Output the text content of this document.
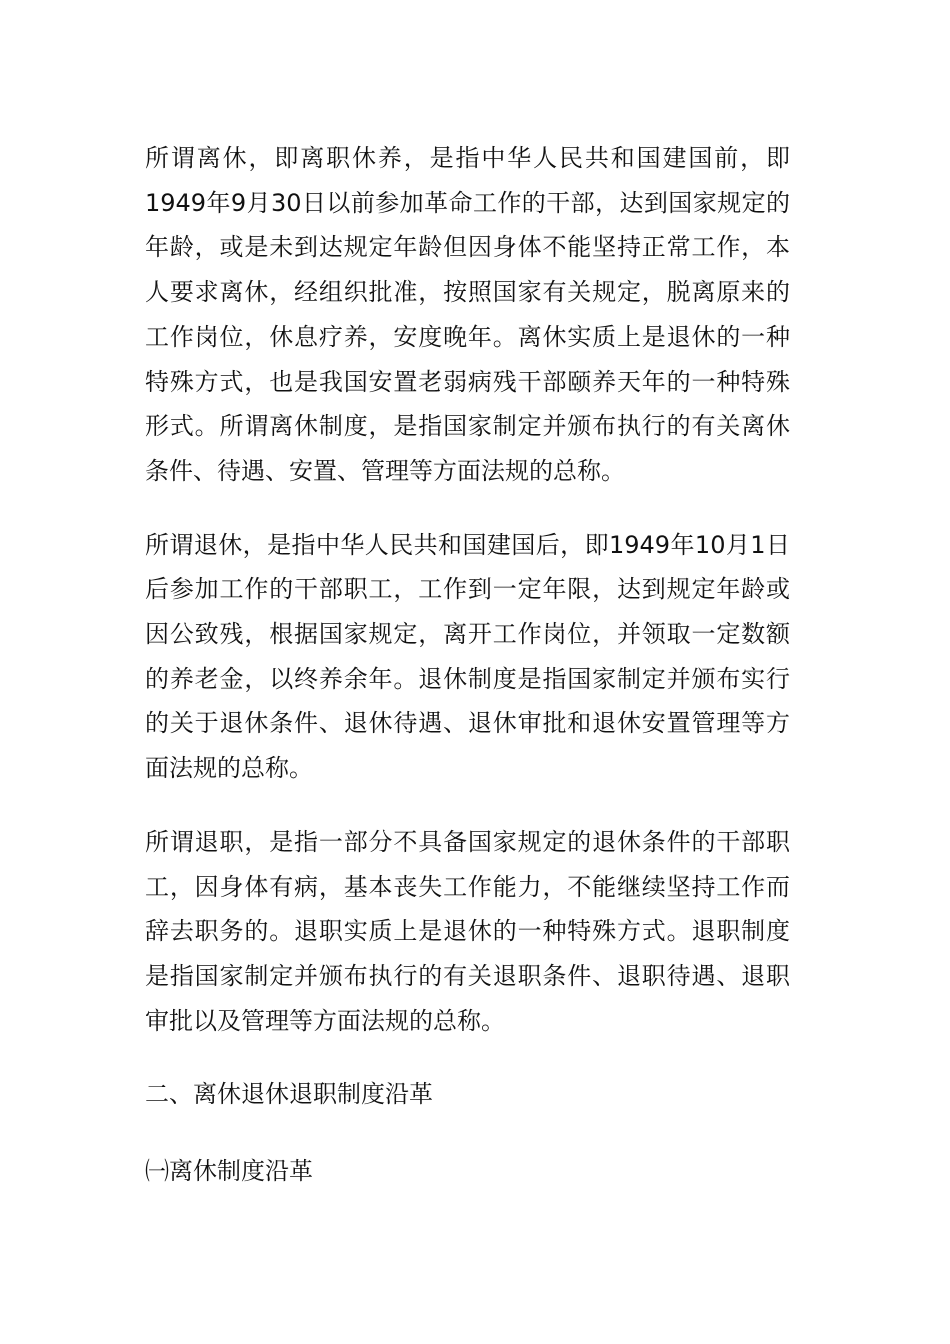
所谓离休，即离职休养，是指中华人民共和国建国前，即1949年9月30日以前参加革命工作的干部，达到国家规定的年龄，或是未到达规定年龄但因身体不能坚持正常工作，本人要求离休，经组织批准，按照国家有关规定，脱离原来的工作岗位，休息疗养，安度晚年。离休实质上是退休的一种特殊方式，也是我国安置老弱病残干部颐养天年的一种特殊形式。所谓离休制度，是指国家制定并颁布执行的有关离休条件、待遇、安置、管理等方面法规的总称。

所谓退休，是指中华人民共和国建国后，即1949年10月1日后参加工作的干部职工，工作到一定年限，达到规定年龄或因公致残，根据国家规定，离开工作岗位，并领取一定数额的养老金，以终养余年。退休制度是指国家制定并颁布实行的关于退休条件、退休待遇、退休审批和退休安置管理等方面法规的总称。

所谓退职，是指一部分不具备国家规定的退休条件的干部职工，因身体有病，基本丧失工作能力，不能继续坚持工作而辞去职务的。退职实质上是退休的一种特殊方式。退职制度是指国家制定并颁布执行的有关退职条件、退职待遇、退职审批以及管理等方面法规的总称。

二、离休退休退职制度沿革

㈠离休制度沿革
